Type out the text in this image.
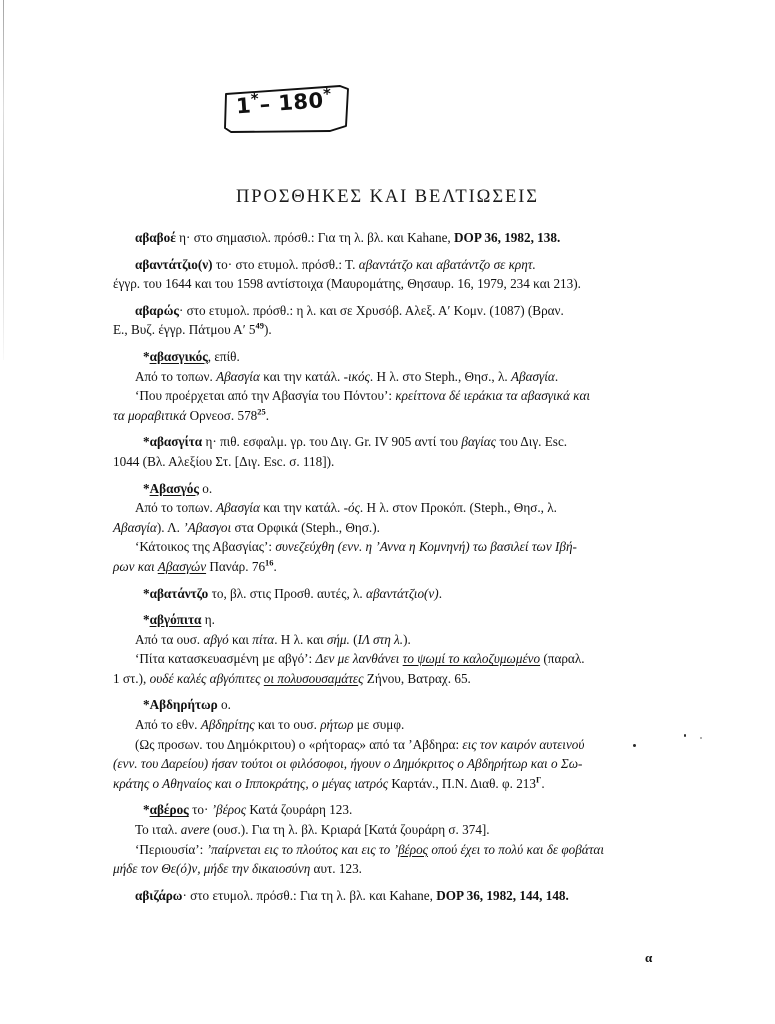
1*– 180*
ΠΡΟΣΘΗΚΕΣ ΚΑΙ ΒΕΛΤΙΩΣΕΙΣ

αβαβοέ η· στο σημασιολ. πρόσθ.: Για τη λ. βλ. και Kahane, DOP 36, 1982, 138.

αβαντάτζιο(ν) το· στο ετυμολ. πρόσθ.: Τ. αβαντάτζο και αβατάντζο σε κρητ.

έγγρ. του 1644 και του 1598 αντίστοιχα (Μαυρομάτης, Θησαυρ. 16, 1979, 234 και 213).

αβαρώς· στο ετυμολ. πρόσθ.: η λ. και σε Χρυσόβ. Αλεξ. Α′ Κομν. (1087) (Βραν.

Ε., Βυζ. έγγρ. Πάτμου Α′ $5^{49}$).

*αβασγικός, επίθ.

Από το τοπων. Αβασγία και την κατάλ. -ικός. Η λ. στο Steph., Θησ., λ. Αβασγία.

‘Που προέρχεται από την Αβασγία του Πόντου’: κρείττονα δέ ιεράκια τα αβασγικά και

τα μοραβιτικά Ορνεοσ. $578^{25}$.

*αβασγίτα η· πιθ. εσφαλμ. γρ. του Διγ. Gr. IV 905 αντί του βαγίας του Διγ. Esc.

1044 (Βλ. Αλεξίου Στ. [Διγ. Esc. σ. 118]).

*Αβασγός ο.

Από το τοπων. Αβασγία και την κατάλ. -ός. Η λ. στον Προκόπ. (Steph., Θησ., λ.

Αβασγία). Λ. ’Αβασγοι στα Ορφικά (Steph., Θησ.).

‘Κάτοικος της Αβασγίας’: συνεζεύχθη (ενν. η ’Αννα η Κομνηνή) τω βασιλεί των Ιβή-

ρων και Αβασγών Πανάρ. $76^{16}$.

*αβατάντζο το, βλ. στις Προσθ. αυτές, λ. αβαντάτζιο(ν).

*αβγόπιτα η.

Από τα ουσ. αβγό και πίτα. Η λ. και σήμ. (ΙΛ στη λ.).

‘Πίτα κατασκευασμένη με αβγό’: Δεν με λανθάνει το ψωμί το καλοζυμωμένο (παραλ.

1 στ.), ουδέ καλές αβγόπιτες οι πολυσουσαμάτες Ζήνου, Βατραχ. 65.

*Αβδηρήτωρ ο.

Από το εθν. Αβδηρίτης και το ουσ. ρήτωρ με συμφ.

(Ως προσων. του Δημόκριτου) ο «ρήτορας» από τα ’Αβδηρα: εις τον καιρόν αυτεινού

(ενν. του Δαρείου) ήσαν τούτοι οι φιλόσοφοι, ήγουν ο Δημόκριτος ο Αβδηρήτωρ και ο Σω-

κράτης ο Αθηναίος και ο Ιπποκράτης, ο μέγας ιατρός Καρτάν., Π.Ν. Διαθ. φ. $213^\Gamma$.

*αβέρος το· ’βέρος Κατά ζουράρη 123.

Το ιταλ. avere (ουσ.). Για τη λ. βλ. Κριαρά [Κατά ζουράρη σ. 374].

‘Περιουσία’: ’παίρνεται εις το πλούτος και εις το ’βέρος οπού έχει το πολύ και δε φοβάται

μήδε τον Θε(ό)ν, μήδε την δικαιοσύνη αυτ. 123.

αβιζάρω· στο ετυμολ. πρόσθ.: Για τη λ. βλ. και Kahane, DOP 36, 1982, 144, 148.

α
